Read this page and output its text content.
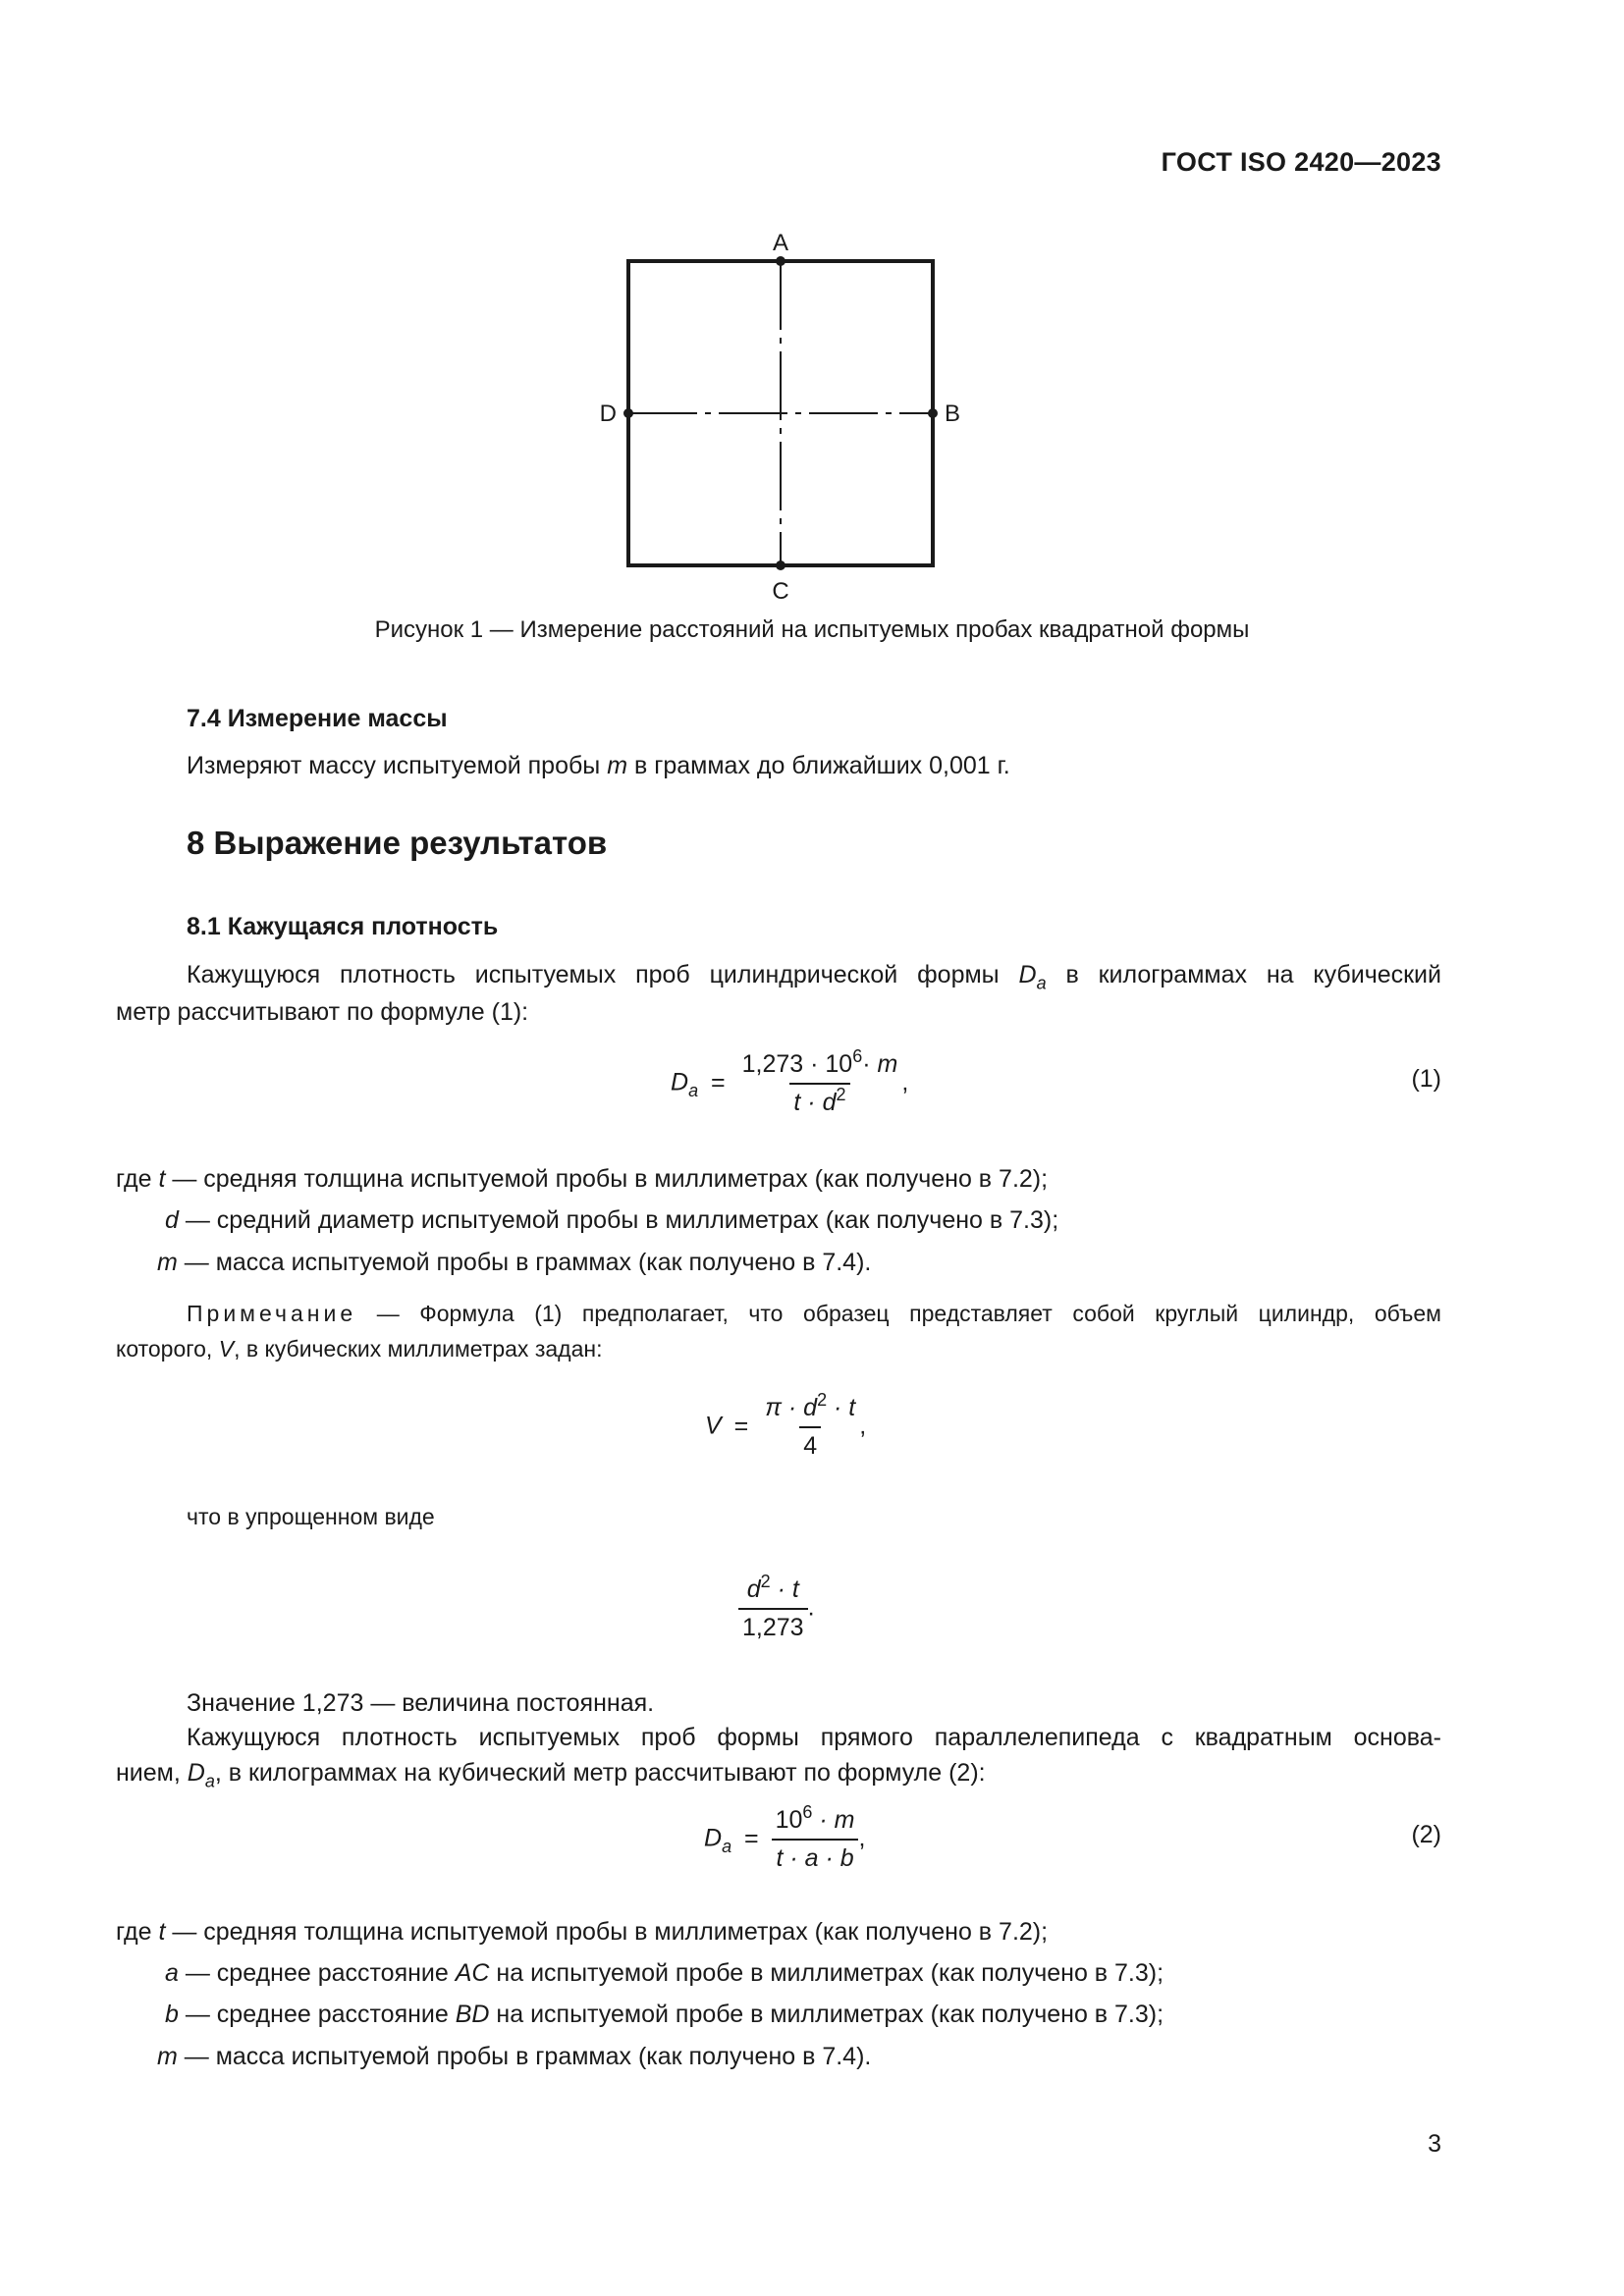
ГОСТ ISO 2420—2023
A
B
C
D
Рисунок 1 — Измерение расстояний на испытуемых пробах квадратной формы
7.4 Измерение массы
Измеряют массу испытуемой пробы m в граммах до ближайших 0,001 г.
8 Выражение результатов
8.1 Кажущаяся плотность
Кажущуюся плотность испытуемых проб цилиндрической формы $D_a$ в килограммах на кубический
метр рассчитывают по формуле (1):
$D_a = \frac{1,273 \cdot 10^6\cdot m}{t \cdot d^2}$ ,	(1)
где t — средняя толщина испытуемой пробы в миллиметрах (как получено в 7.2);
d — средний диаметр испытуемой пробы в миллиметрах (как получено в 7.3);
m — масса испытуемой пробы в граммах (как получено в 7.4).
Примечание — Формула (1) предполагает, что образец представляет собой круглый цилиндр, объем
которого, V, в кубических миллиметрах задан:
$V = \frac{\pi \cdot d^2 \cdot t}{4}$ ,
что в упрощенном виде
$\frac{d^2 \cdot t}{1,273}$ .
Значение 1,273 — величина постоянная.
Кажущуюся плотность испытуемых проб формы прямого параллелепипеда с квадратным основа-
нием, $D_a$, в килограммах на кубический метр рассчитывают по формуле (2):
$D_a = \frac{10^6 \cdot m}{t \cdot a \cdot b}$ ,	(2)
где t — средняя толщина испытуемой пробы в миллиметрах (как получено в 7.2);
a — среднее расстояние AC на испытуемой пробе в миллиметрах (как получено в 7.3);
b — среднее расстояние BD на испытуемой пробе в миллиметрах (как получено в 7.3);
m — масса испытуемой пробы в граммах (как получено в 7.4).
3
